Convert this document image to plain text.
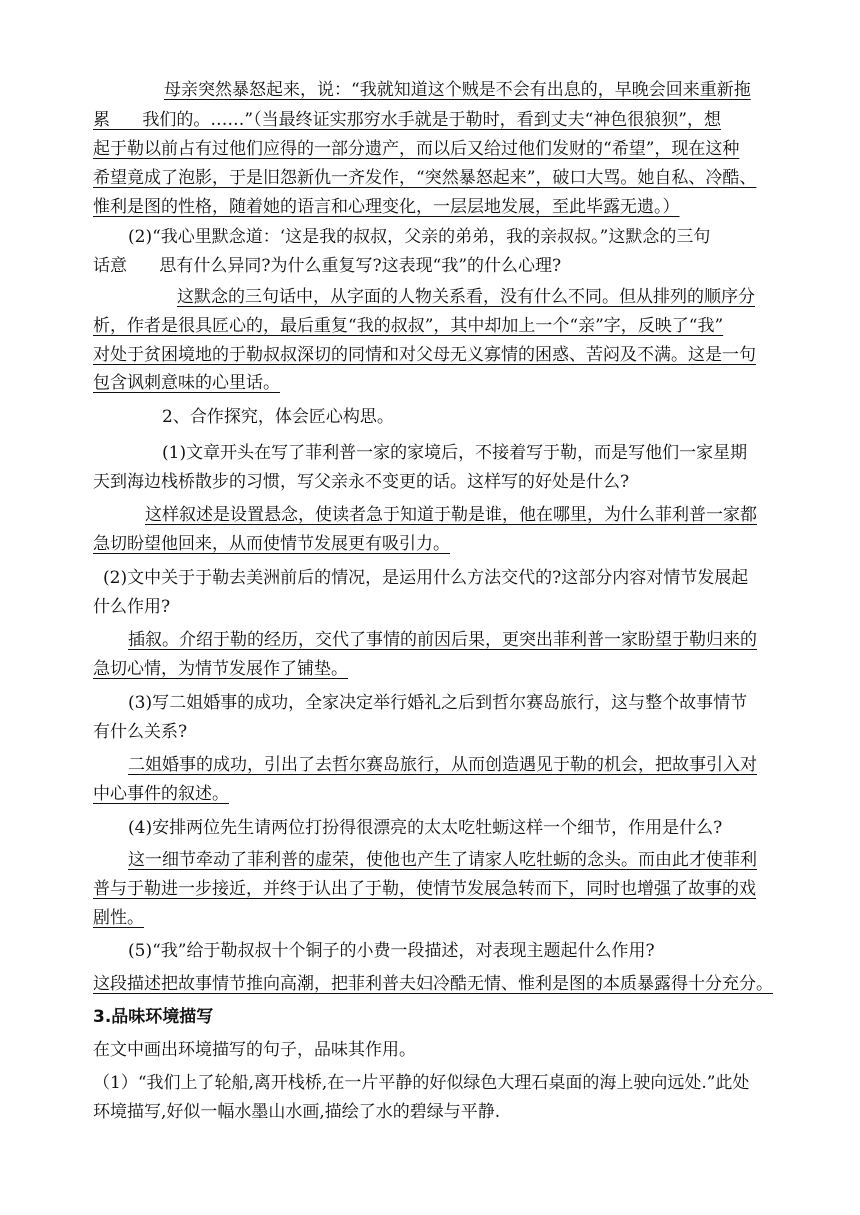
母亲突然暴怒起来，说：“我就知道这个贼是不会有出息的，早晚会回来重新拖
累      我们的。……”（当最终证实那穷水手就是于勒时，看到丈夫“神色很狼狈”，想
起于勒以前占有过他们应得的一部分遗产，而以后又给过他们发财的“希望”，现在这种
希望竟成了泡影，于是旧怨新仇一齐发作，“突然暴怒起来”，破口大骂。她自私、冷酷、
惟利是图的性格，随着她的语言和心理变化，一层层地发展，至此毕露无遗。）
(2)“我心里默念道：‘这是我的叔叔，父亲的弟弟，我的亲叔叔。”这默念的三句
话意      思有什么异同?为什么重复写?这表现“我”的什么心理?
这默念的三句话中，从字面的人物关系看，没有什么不同。但从排列的顺序分
析，作者是很具匠心的，最后重复“我的叔叔”，其中却加上一个“亲”字，反映了“我”
对处于贫困境地的于勒叔叔深切的同情和对父母无义寡情的困惑、苦闷及不满。这是一句
包含讽刺意味的心里话。
2、合作探究，体会匠心构思。
(1)文章开头在写了菲利普一家的家境后，不接着写于勒，而是写他们一家星期
天到海边栈桥散步的习惯，写父亲永不变更的话。这样写的好处是什么?
这样叙述是设置悬念，使读者急于知道于勒是谁，他在哪里，为什么菲利普一家都
急切盼望他回来，从而使情节发展更有吸引力。
(2)文中关于于勒去美洲前后的情况，是运用什么方法交代的?这部分内容对情节发展起
什么作用?
插叙。介绍于勒的经历，交代了事情的前因后果，更突出菲利普一家盼望于勒归来的
急切心情，为情节发展作了铺垫。
(3)写二姐婚事的成功，全家决定举行婚礼之后到哲尔赛岛旅行，这与整个故事情节
有什么关系?
二姐婚事的成功，引出了去哲尔赛岛旅行，从而创造遇见于勒的机会，把故事引入对
中心事件的叙述。
(4)安排两位先生请两位打扮得很漂亮的太太吃牡蛎这样一个细节，作用是什么?
这一细节牵动了菲利普的虚荣，使他也产生了请家人吃牡蛎的念头。而由此才使菲利
普与于勒进一步接近，并终于认出了于勒，使情节发展急转而下，同时也增强了故事的戏
剧性。
(5)“我”给于勒叔叔十个铜子的小费一段描述，对表现主题起什么作用?
这段描述把故事情节推向高潮，把菲利普夫妇冷酷无情、惟利是图的本质暴露得十分充分。
3.品味环境描写
在文中画出环境描写的句子，品味其作用。
（1）“我们上了轮船,离开栈桥,在一片平静的好似绿色大理石桌面的海上驶向远处.”此处
环境描写,好似一幅水墨山水画,描绘了水的碧绿与平静.
